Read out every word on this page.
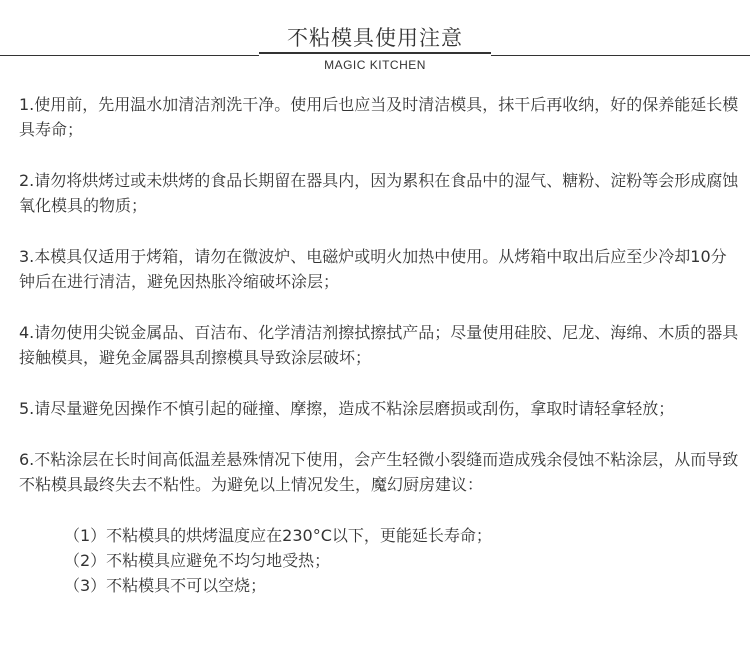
不粘模具使用注意
MAGIC KITCHEN

1.使用前，先用温水加清洁剂洗干净。使用后也应当及时清洁模具，抹干后再收纳，好的保养能延长模具寿命；

2.请勿将烘烤过或未烘烤的食品长期留在器具内，因为累积在食品中的湿气、糖粉、淀粉等会形成腐蚀氧化模具的物质；

3.本模具仅适用于烤箱，请勿在微波炉、电磁炉或明火加热中使用。从烤箱中取出后应至少冷却10分钟后在进行清洁，避免因热胀冷缩破坏涂层；

4.请勿使用尖锐金属品、百洁布、化学清洁剂擦拭擦拭产品；尽量使用硅胶、尼龙、海绵、木质的器具接触模具，避免金属器具刮擦模具导致涂层破坏；

5.请尽量避免因操作不慎引起的碰撞、摩擦，造成不粘涂层磨损或刮伤，拿取时请轻拿轻放；

6.不粘涂层在长时间高低温差悬殊情况下使用，会产生轻微小裂缝而造成残余侵蚀不粘涂层，从而导致不粘模具最终失去不粘性。为避免以上情况发生，魔幻厨房建议：

（1）不粘模具的烘烤温度应在230°C以下，更能延长寿命；
（2）不粘模具应避免不均匀地受热；
（3）不粘模具不可以空烧；
